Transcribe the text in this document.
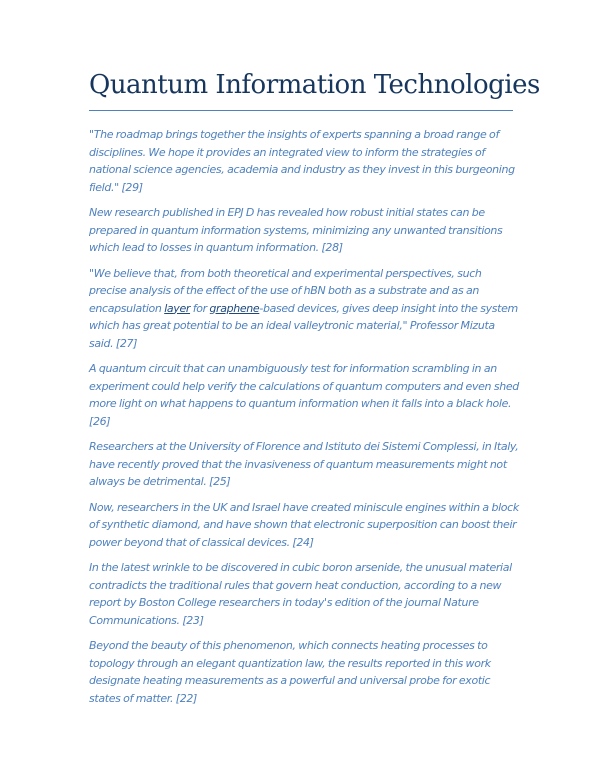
Quantum Information Technologies

"The roadmap brings together the insights of experts spanning a broad range of disciplines. We hope it provides an integrated view to inform the strategies of national science agencies, academia and industry as they invest in this burgeoning field." [29]

New research published in EPJ D has revealed how robust initial states can be prepared in quantum information systems, minimizing any unwanted transitions which lead to losses in quantum information. [28]

"We believe that, from both theoretical and experimental perspectives, such precise analysis of the effect of the use of hBN both as a substrate and as an encapsulation layer for graphene-based devices, gives deep insight into the system which has great potential to be an ideal valleytronic material," Professor Mizuta said. [27]

A quantum circuit that can unambiguously test for information scrambling in an experiment could help verify the calculations of quantum computers and even shed more light on what happens to quantum information when it falls into a black hole. [26]

Researchers at the University of Florence and Istituto dei Sistemi Complessi, in Italy, have recently proved that the invasiveness of quantum measurements might not always be detrimental. [25]

Now, researchers in the UK and Israel have created miniscule engines within a block of synthetic diamond, and have shown that electronic superposition can boost their power beyond that of classical devices. [24]

In the latest wrinkle to be discovered in cubic boron arsenide, the unusual material contradicts the traditional rules that govern heat conduction, according to a new report by Boston College researchers in today's edition of the journal Nature Communications. [23]

Beyond the beauty of this phenomenon, which connects heating processes to topology through an elegant quantization law, the results reported in this work designate heating measurements as a powerful and universal probe for exotic states of matter. [22]
